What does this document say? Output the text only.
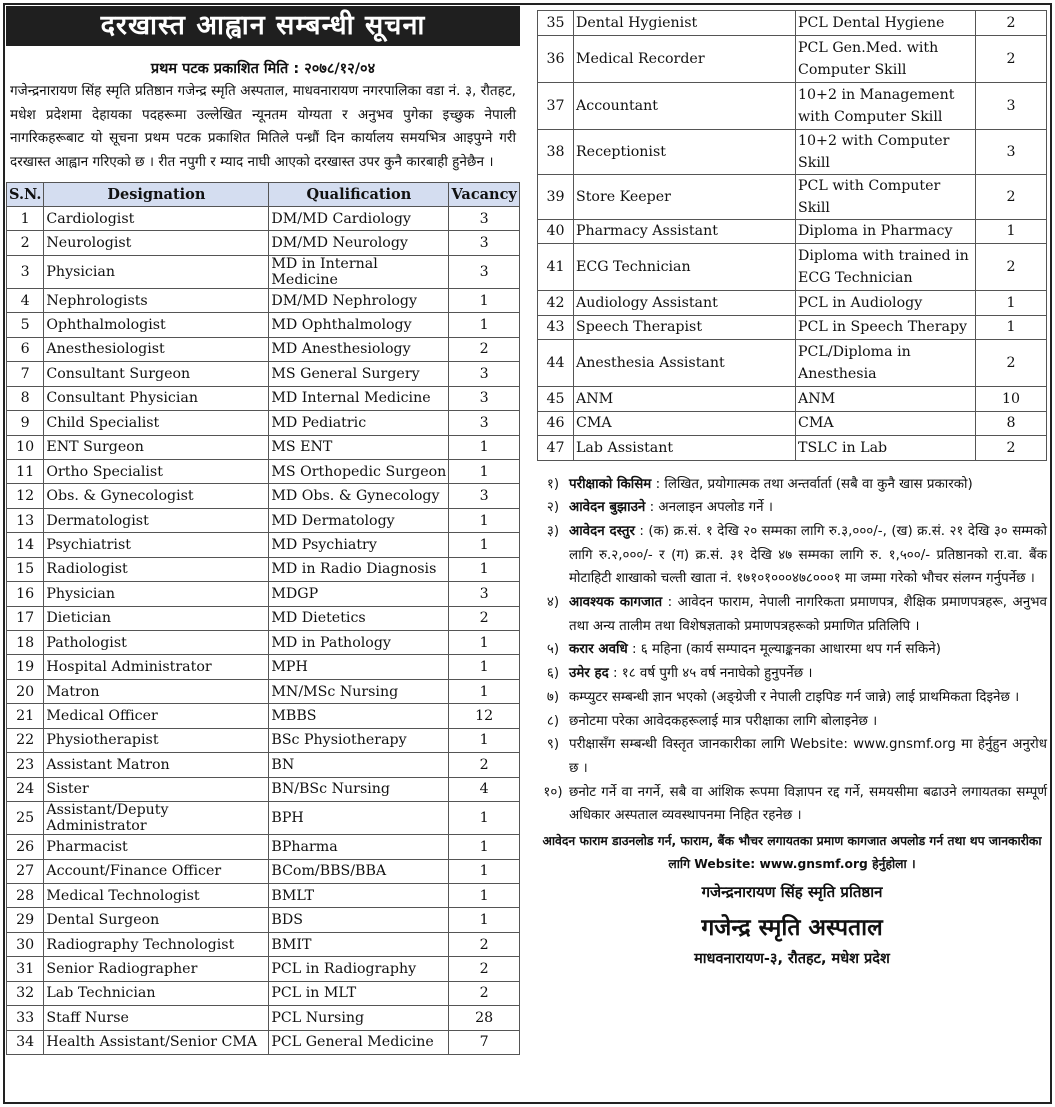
दरखास्त आह्वान सम्बन्धी सूचना
प्रथम पटक प्रकाशित मिति : २०७८/१२/०४
गजेन्द्रनारायण सिंह स्मृति प्रतिष्ठान गजेन्द्र स्मृति अस्पताल, माधवनारायण नगरपालिका वडा नं. ३, रौतहट, मधेश प्रदेशमा देहायका पदहरूमा उल्लेखित न्यूनतम योग्यता र अनुभव पुगेका इच्छुक नेपाली नागरिकहरूबाट यो सूचना प्रथम पटक प्रकाशित मितिले पन्ध्रौं दिन कार्यालय समयभित्र आइपुग्ने गरी दरखास्त आह्वान गरिएको छ । रीत नपुगी र म्याद नाघी आएको दरखास्त उपर कुनै कारबाही हुनेछैन ।
S.N.	Designation	Qualification	Vacancy
1	Cardiologist	DM/MD Cardiology	3
2	Neurologist	DM/MD Neurology	3
3	Physician	MD in Internal Medicine	3
4	Nephrologists	DM/MD Nephrology	1
5	Ophthalmologist	MD Ophthalmology	1
6	Anesthesiologist	MD Anesthesiology	2
7	Consultant Surgeon	MS General Surgery	3
8	Consultant Physician	MD Internal Medicine	3
9	Child Specialist	MD Pediatric	3
10	ENT Surgeon	MS ENT	1
11	Ortho Specialist	MS Orthopedic Surgeon	1
12	Obs. & Gynecologist	MD Obs. & Gynecology	3
13	Dermatologist	MD Dermatology	1
14	Psychiatrist	MD Psychiatry	1
15	Radiologist	MD in Radio Diagnosis	1
16	Physician	MDGP	3
17	Dietician	MD Dietetics	2
18	Pathologist	MD in Pathology	1
19	Hospital Administrator	MPH	1
20	Matron	MN/MSc Nursing	1
21	Medical Officer	MBBS	12
22	Physiotherapist	BSc Physiotherapy	1
23	Assistant Matron	BN	2
24	Sister	BN/BSc Nursing	4
25	Assistant/Deputy Administrator	BPH	1
26	Pharmacist	BPharma	1
27	Account/Finance Officer	BCom/BBS/BBA	1
28	Medical Technologist	BMLT	1
29	Dental Surgeon	BDS	1
30	Radiography Technologist	BMIT	2
31	Senior Radiographer	PCL in Radiography	2
32	Lab Technician	PCL in MLT	2
33	Staff Nurse	PCL Nursing	28
34	Health Assistant/Senior CMA	PCL General Medicine	7
35	Dental Hygienist	PCL Dental Hygiene	2
36	Medical Recorder	PCL Gen.Med. with Computer Skill	2
37	Accountant	10+2 in Management with Computer Skill	3
38	Receptionist	10+2 with Computer Skill	3
39	Store Keeper	PCL with Computer Skill	2
40	Pharmacy Assistant	Diploma in Pharmacy	1
41	ECG Technician	Diploma with trained in ECG Technician	2
42	Audiology Assistant	PCL in Audiology	1
43	Speech Therapist	PCL in Speech Therapy	1
44	Anesthesia Assistant	PCL/Diploma in Anesthesia	2
45	ANM	ANM	10
46	CMA	CMA	8
47	Lab Assistant	TSLC in Lab	2
१) परीक्षाको किसिम : लिखित, प्रयोगात्मक तथा अन्तर्वार्ता (सबै वा कुनै खास प्रकारको)
२) आवेदन बुझाउने : अनलाइन अपलोड गर्ने ।
३) आवेदन दस्तुर : (क) क्र.सं. १ देखि २० सम्मका लागि रु.३,०००/-, (ख) क्र.सं. २१ देखि ३० सम्मको लागि रु.२,०००/- र (ग) क्र.सं. ३१ देखि ४७ सम्मका लागि रु. १,५००/- प्रतिष्ठानको रा.वा. बैंक मोटाहिटी शाखाको चल्ती खाता नं. १७१०१०००४७८०००१ मा जम्मा गरेको भौचर संलग्न गर्नुपर्नेछ ।
४) आवश्यक कागजात : आवेदन फाराम, नेपाली नागरिकता प्रमाणपत्र, शैक्षिक प्रमाणपत्रहरू, अनुभव तथा अन्य तालीम तथा विशेषज्ञताको प्रमाणपत्रहरूको प्रमाणित प्रतिलिपि ।
५) करार अवधि : ६ महिना (कार्य सम्पादन मूल्याङ्कनका आधारमा थप गर्न सकिने)
६) उमेर हद : १८ वर्ष पुगी ४५ वर्ष ननाघेको हुनुपर्नेछ ।
७) कम्प्युटर सम्बन्धी ज्ञान भएको (अङ्ग्रेजी र नेपाली टाइपिङ गर्न जान्ने) लाई प्राथमिकता दिइनेछ ।
८) छनोटमा परेका आवेदकहरूलाई मात्र परीक्षाका लागि बोलाइनेछ ।
९) परीक्षासँग सम्बन्धी विस्तृत जानकारीका लागि Website: www.gnsmf.org मा हेर्नुहुन अनुरोध छ ।
१०) छनोट गर्ने वा नगर्ने, सबै वा आंशिक रूपमा विज्ञापन रद्द गर्ने, समयसीमा बढाउने लगायतका सम्पूर्ण अधिकार अस्पताल व्यवस्थापनमा निहित रहनेछ ।
आवेदन फाराम डाउनलोड गर्न, फाराम, बैंक भौचर लगायतका प्रमाण कागजात अपलोड गर्न तथा थप जानकारीका लागि Website: www.gnsmf.org हेर्नुहोला ।
गजेन्द्रनारायण सिंह स्मृति प्रतिष्ठान
गजेन्द्र स्मृति अस्पताल
माधवनारायण-३, रौतहट, मधेश प्रदेश
